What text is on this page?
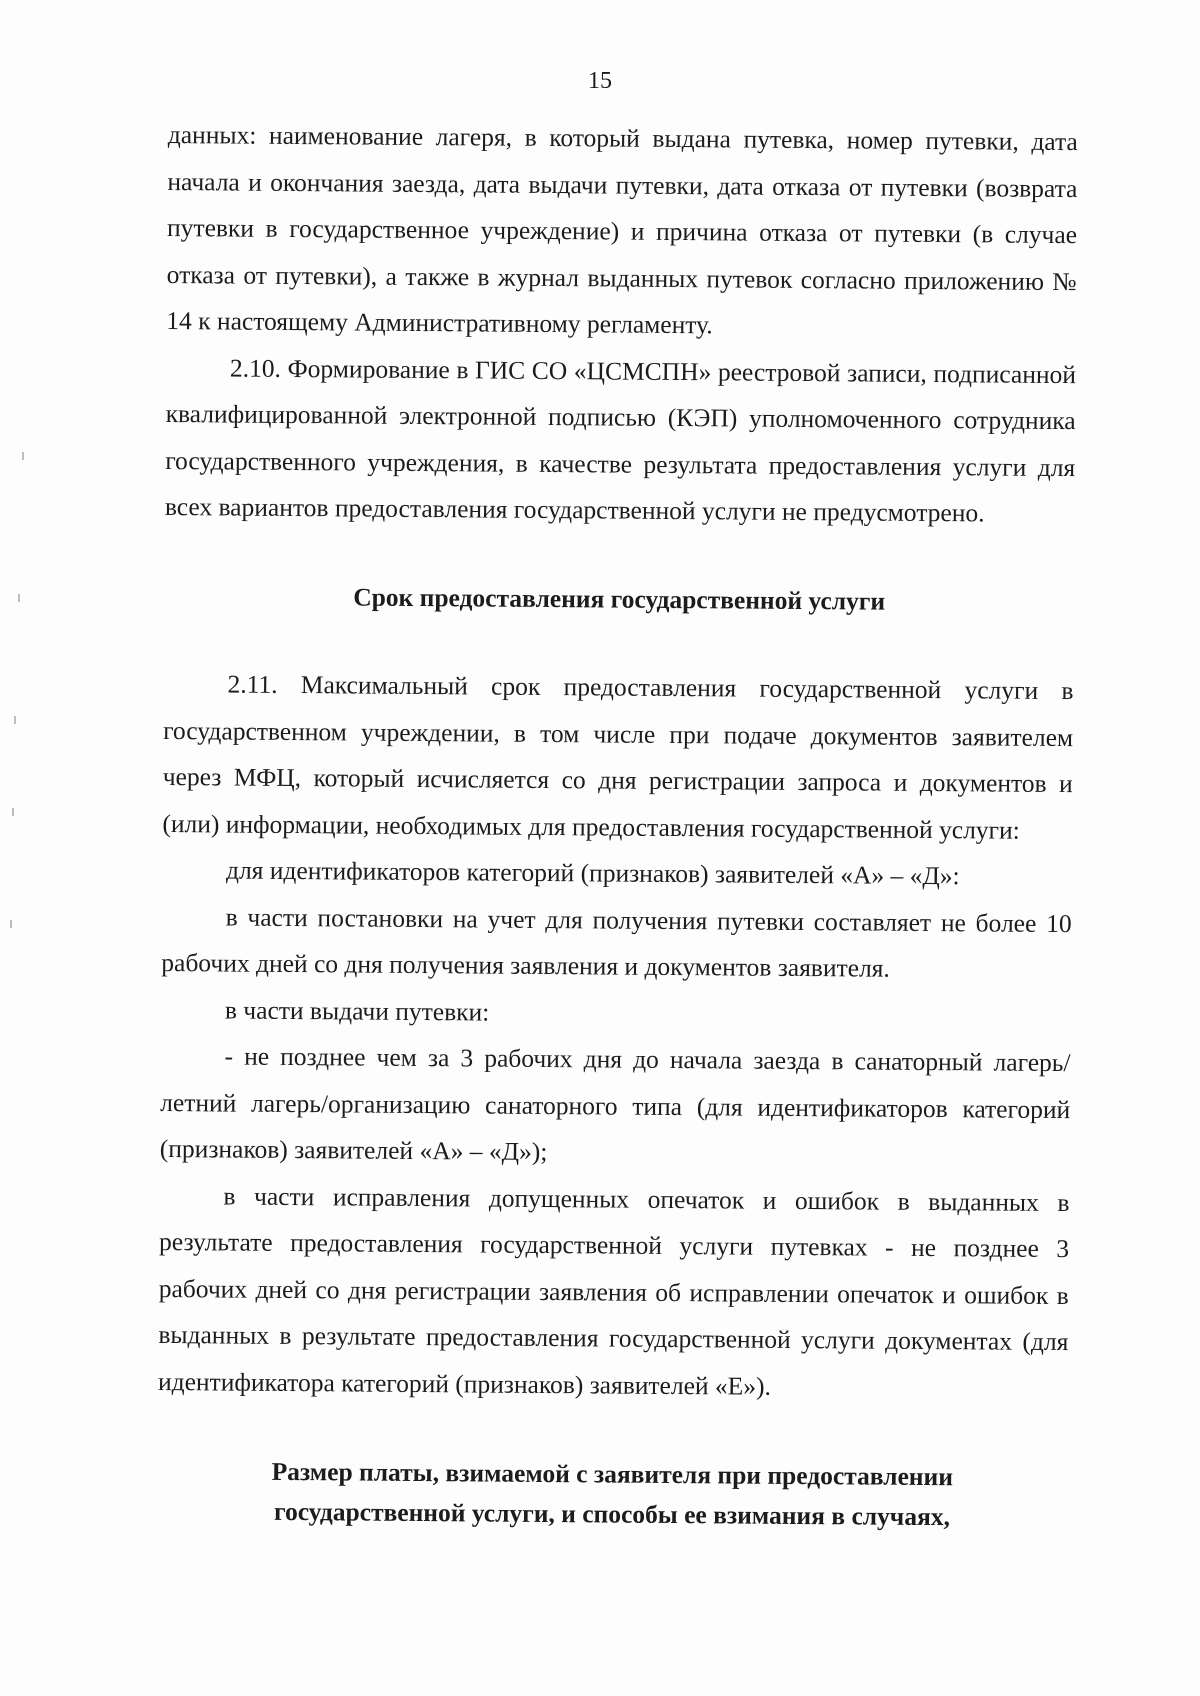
15

данных: наименование лагеря, в который выдана путевка, номер путевки, дата начала и окончания заезда, дата выдачи путевки, дата отказа от путевки (возврата путевки в государственное учреждение) и причина отказа от путевки (в случае отказа от путевки), а также в журнал выданных путевок согласно приложению № 14 к настоящему Административному регламенту.

2.10. Формирование в ГИС СО «ЦСМСПН» реестровой записи, подписанной квалифицированной электронной подписью (КЭП) уполномоченного сотрудника государственного учреждения, в качестве результата предоставления услуги для всех вариантов предоставления государственной услуги не предусмотрено.

Срок предоставления государственной услуги

2.11. Максимальный срок предоставления государственной услуги в государственном учреждении, в том числе при подаче документов заявителем через МФЦ, который исчисляется со дня регистрации запроса и документов и (или) информации, необходимых для предоставления государственной услуги:

для идентификаторов категорий (признаков) заявителей «А» – «Д»:

в части постановки на учет для получения путевки составляет не более 10 рабочих дней со дня получения заявления и документов заявителя.

в части выдачи путевки:

- не позднее чем за 3 рабочих дня до начала заезда в санаторный лагерь/летний лагерь/организацию санаторного типа (для идентификаторов категорий (признаков) заявителей «А» – «Д»);

в части исправления допущенных опечаток и ошибок в выданных в результате предоставления государственной услуги путевках - не позднее 3 рабочих дней со дня регистрации заявления об исправлении опечаток и ошибок в выданных в результате предоставления государственной услуги документах (для идентификатора категорий (признаков) заявителей «Е»).

Размер платы, взимаемой с заявителя при предоставлении
государственной услуги, и способы ее взимания в случаях,
